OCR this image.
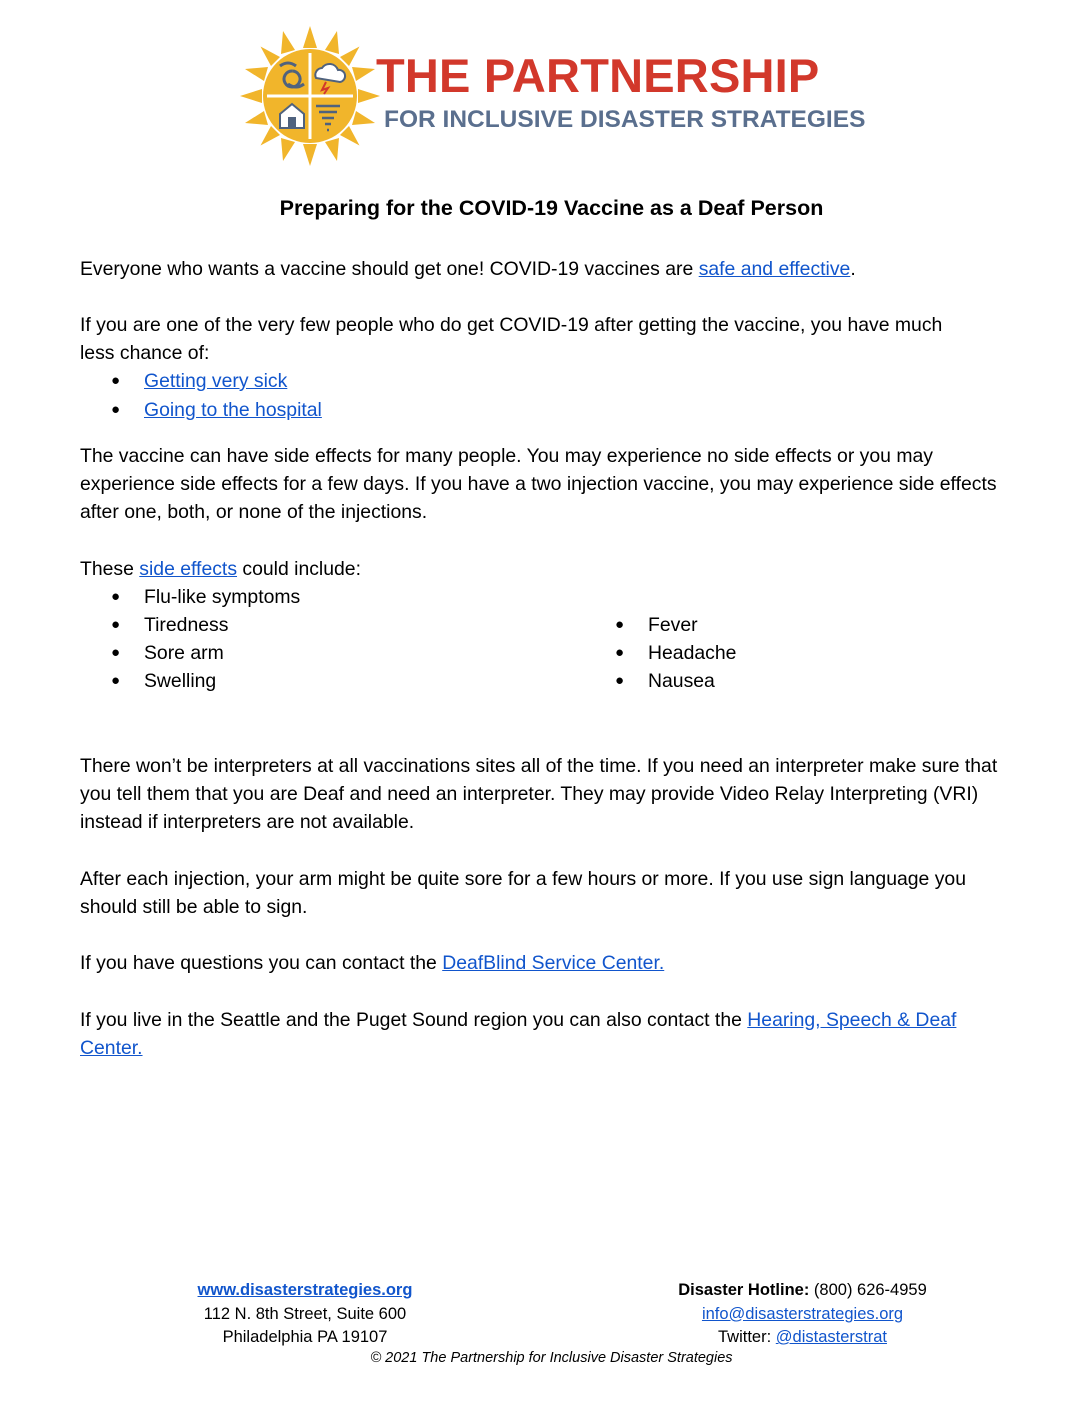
THE PARTNERSHIP
FOR INCLUSIVE DISASTER STRATEGIES
Preparing for the COVID-19 Vaccine as a Deaf Person

Everyone who wants a vaccine should get one! COVID-19 vaccines are safe and effective.

If you are one of the very few people who do get COVID-19 after getting the vaccine, you have much less chance of:

● Getting very sick
● Going to the hospital

The vaccine can have side effects for many people. You may experience no side effects or you may experience side effects for a few days. If you have a two injection vaccine, you may experience side effects after one, both, or none of the injections.

These side effects could include:

● Flu-like symptoms
● Tiredness
● Sore arm
● Swelling
● Fever
● Headache
● Nausea

There won’t be interpreters at all vaccinations sites all of the time. If you need an interpreter make sure that you tell them that you are Deaf and need an interpreter. They may provide Video Relay Interpreting (VRI) instead if interpreters are not available.

After each injection, your arm might be quite sore for a few hours or more. If you use sign language you should still be able to sign.

If you have questions you can contact the DeafBlind Service Center.

If you live in the Seattle and the Puget Sound region you can also contact the Hearing, Speech & Deaf Center.

www.disasterstrategies.org
112 N. 8th Street, Suite 600
Philadelphia PA 19107
Disaster Hotline: (800) 626-4959
info@disasterstrategies.org
Twitter: @distasterstrat
© 2021 The Partnership for Inclusive Disaster Strategies
